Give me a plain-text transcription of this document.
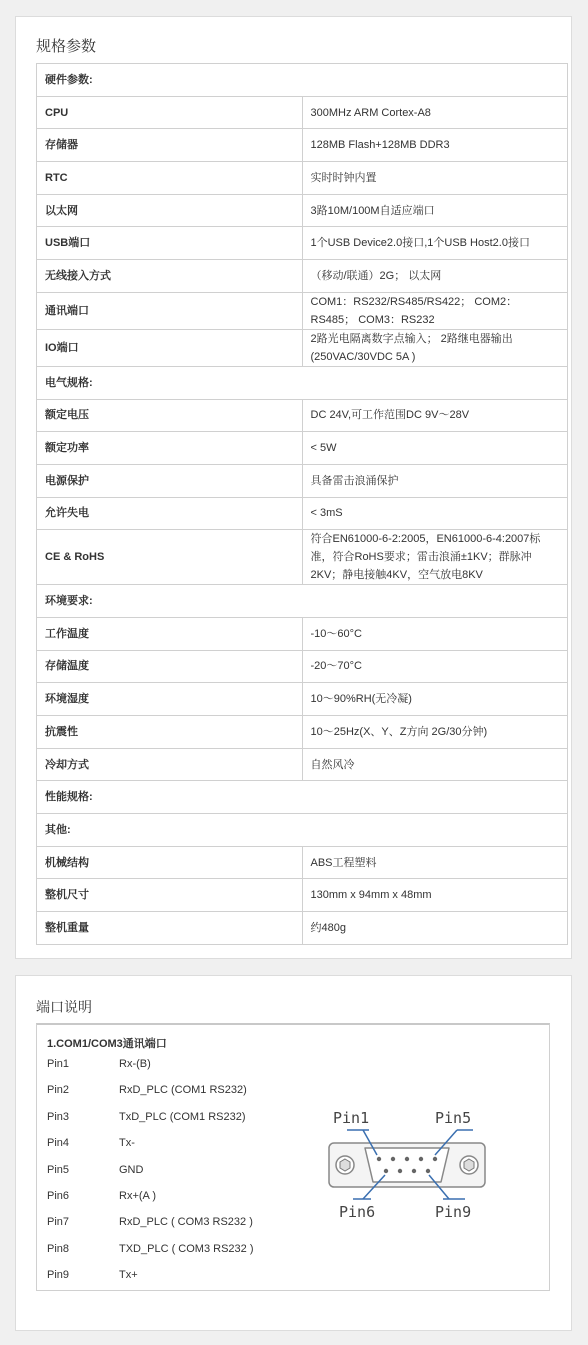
规格参数
硬件参数:	
CPU	300MHz ARM Cortex-A8
存储器	128MB Flash+128MB DDR3
RTC	实时时钟内置
以太网	3路10M/100M自适应端口
USB端口	1个USB Device2.0接口,1个USB Host2.0接口
无线接入方式	（移动/联通）2G； 以太网
通讯端口	COM1：RS232/RS485/RS422； COM2：RS485； COM3：RS232
IO端口	2路光电隔离数字点输入； 2路继电器输出(250VAC/30VDC 5A )
电气规格:	
额定电压	DC 24V,可工作范围DC 9V～28V
额定功率	< 5W
电源保护	具备雷击浪涌保护
允许失电	< 3mS
CE & RoHS	符合EN61000-6-2:2005，EN61000-6-4:2007标准，符合RoHS要求；雷击浪涌±1KV；群脉冲2KV；静电接触4KV，空气放电8KV
环境要求:	
工作温度	-10～60°C
存储温度	-20～70°C
环境湿度	10～90%RH(无冷凝)
抗震性	10～25Hz(X、Y、Z方向 2G/30分钟)
冷却方式	自然风冷
性能规格:	
其他:	
机械结构	ABS工程塑料
整机尺寸	130mm x 94mm x 48mm
整机重量	约480g
端口说明
1.COM1/COM3通讯端口
Pin1	Rx-(B)
Pin2	RxD_PLC (COM1 RS232)
Pin3	TxD_PLC (COM1 RS232)
Pin4	Tx-
Pin5	GND
Pin6	Rx+(A )
Pin7	RxD_PLC ( COM3 RS232 )
Pin8	TXD_PLC ( COM3 RS232 )
Pin9	Tx+
Pin1	Pin5
Pin6	Pin9
